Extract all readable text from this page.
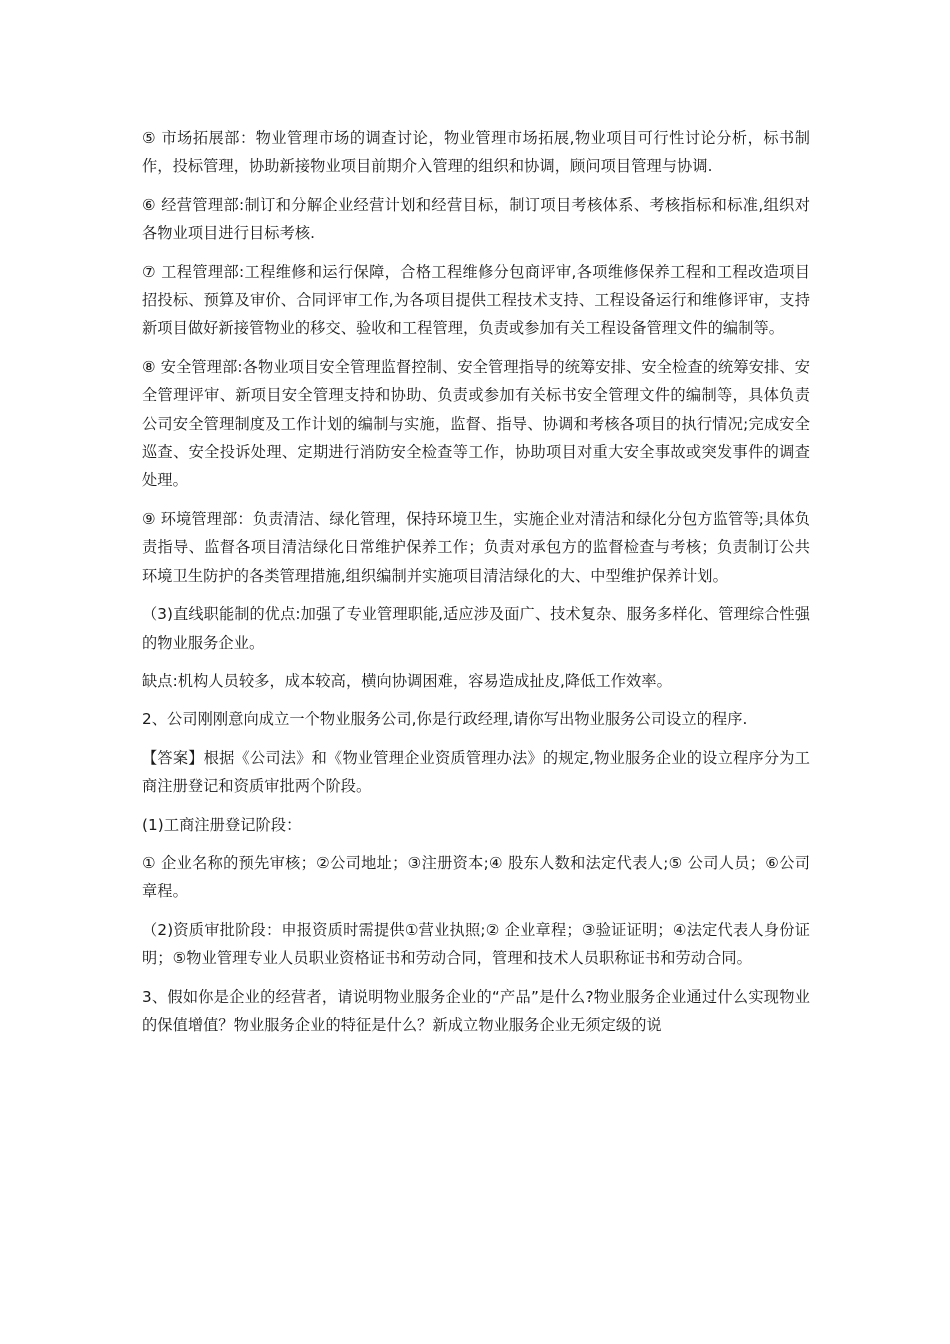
⑤ 市场拓展部：物业管理市场的调查讨论，物业管理市场拓展,物业项目可行性讨论分析，标书制作，投标管理，协助新接物业项目前期介入管理的组织和协调，顾问项目管理与协调.

⑥ 经营管理部:制订和分解企业经营计划和经营目标，制订项目考核体系、考核指标和标准,组织对各物业项目进行目标考核.

⑦ 工程管理部:工程维修和运行保障，合格工程维修分包商评审,各项维修保养工程和工程改造项目招投标、预算及审价、合同评审工作,为各项目提供工程技术支持、工程设备运行和维修评审，支持新项目做好新接管物业的移交、验收和工程管理，负责或参加有关工程设备管理文件的编制等。

⑧ 安全管理部:各物业项目安全管理监督控制、安全管理指导的统筹安排、安全检查的统筹安排、安全管理评审、新项目安全管理支持和协助、负责或参加有关标书安全管理文件的编制等，具体负责公司安全管理制度及工作计划的编制与实施，监督、指导、协调和考核各项目的执行情况;完成安全巡查、安全投诉处理、定期进行消防安全检查等工作，协助项目对重大安全事故或突发事件的调查处理。

⑨ 环境管理部：负责清洁、绿化管理，保持环境卫生，实施企业对清洁和绿化分包方监管等;具体负责指导、监督各项目清洁绿化日常维护保养工作；负责对承包方的监督检查与考核；负责制订公共环境卫生防护的各类管理措施,组织编制并实施项目清洁绿化的大、中型维护保养计划。

（3)直线职能制的优点:加强了专业管理职能,适应涉及面广、技术复杂、服务多样化、管理综合性强的物业服务企业。

缺点:机构人员较多，成本较高，横向协调困难，容易造成扯皮,降低工作效率。

2、公司刚刚意向成立一个物业服务公司,你是行政经理,请你写出物业服务公司设立的程序.

【答案】根据《公司法》和《物业管理企业资质管理办法》的规定,物业服务企业的设立程序分为工商注册登记和资质审批两个阶段。

(1)工商注册登记阶段：

① 企业名称的预先审核；②公司地址；③注册资本;④ 股东人数和法定代表人;⑤ 公司人员；⑥公司章程。

（2)资质审批阶段：申报资质时需提供①营业执照;② 企业章程；③验证证明；④法定代表人身份证明；⑤物业管理专业人员职业资格证书和劳动合同，管理和技术人员职称证书和劳动合同。

3、假如你是企业的经营者，请说明物业服务企业的“产品”是什么?物业服务企业通过什么实现物业的保值增值？物业服务企业的特征是什么？新成立物业服务企业无须定级的说
